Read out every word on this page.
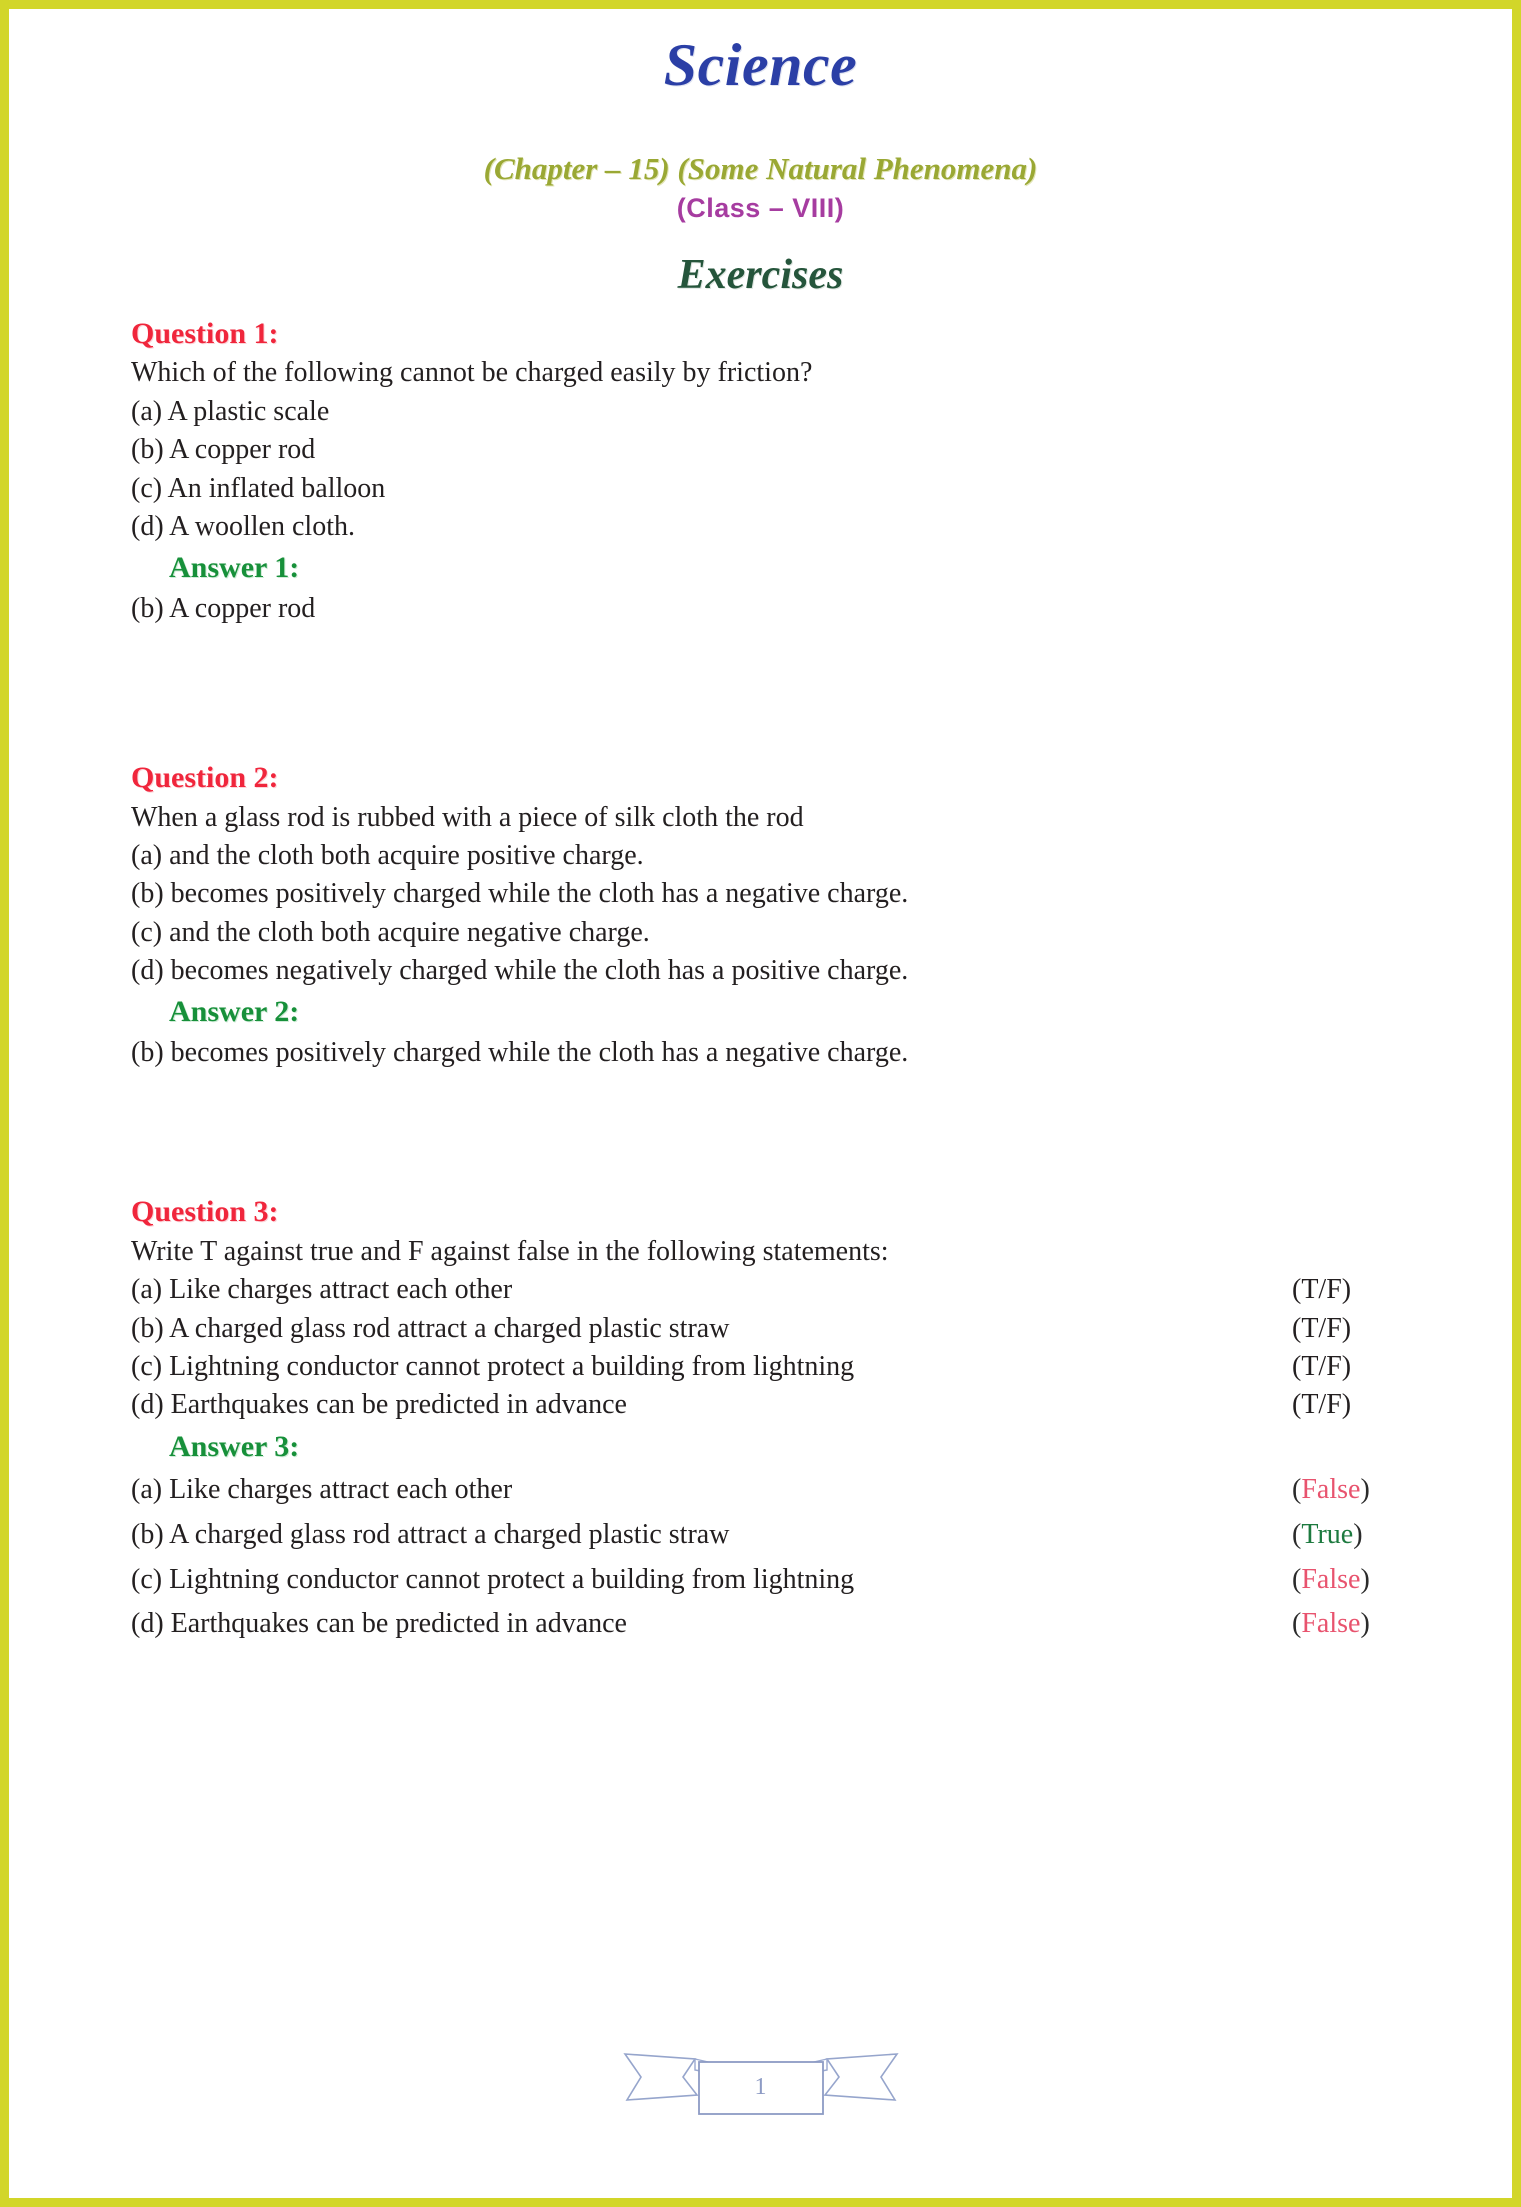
Science
(Chapter – 15) (Some Natural Phenomena)
(Class – VIII)
Exercises
Question 1:
Which of the following cannot be charged easily by friction?
(a) A plastic scale
(b) A copper rod
(c) An inflated balloon
(d) A woollen cloth.
Answer 1:
(b) A copper rod
Question 2:
When a glass rod is rubbed with a piece of silk cloth the rod
(a) and the cloth both acquire positive charge.
(b) becomes positively charged while the cloth has a negative charge.
(c) and the cloth both acquire negative charge.
(d) becomes negatively charged while the cloth has a positive charge.
Answer 2:
(b) becomes positively charged while the cloth has a negative charge.
Question 3:
Write T against true and F against false in the following statements:
(a) Like charges attract each other	(T/F)
(b) A charged glass rod attract a charged plastic straw	(T/F)
(c) Lightning conductor cannot protect a building from lightning	(T/F)
(d) Earthquakes can be predicted in advance	(T/F)
Answer 3:
(a) Like charges attract each other	(False)
(b) A charged glass rod attract a charged plastic straw	(True)
(c) Lightning conductor cannot protect a building from lightning	(False)
(d) Earthquakes can be predicted in advance	(False)
1
